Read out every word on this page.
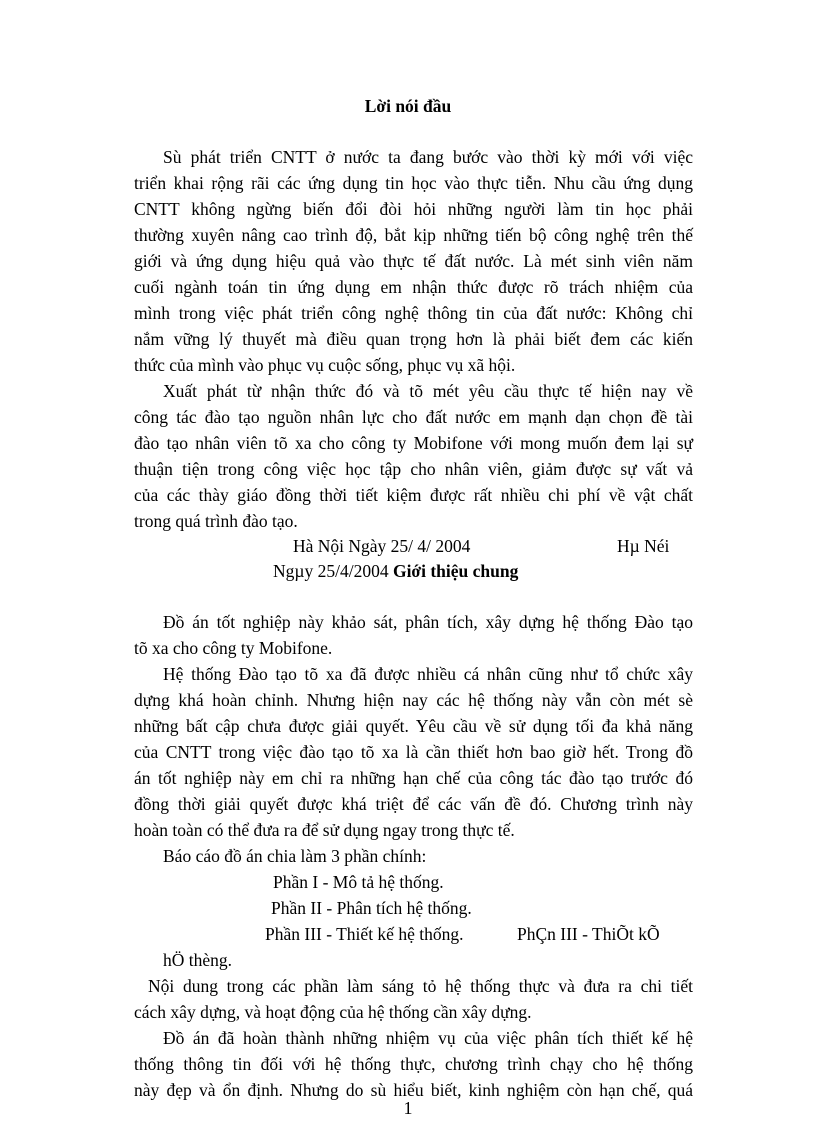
Lời nói đầu
Sù phát triển CNTT ở nước ta đang bước vào thời kỳ mới với việc
triển khai rộng rãi các ứng dụng tin học vào thực tiễn. Nhu cầu ứng dụng
CNTT không ngừng biến đổi đòi hỏi những người làm tin học phải
thường xuyên nâng cao trình độ, bắt kịp những tiến bộ công nghệ trên thế
giới và ứng dụng hiệu quả vào thực tế đất nước. Là mét sinh viên năm
cuối ngành toán tin ứng dụng em nhận thức được rõ trách nhiệm của
mình trong việc phát triển công nghệ thông tin của đất nước: Không chỉ
nắm vững lý thuyết mà điều quan trọng hơn là phải biết đem các kiến
thức của mình vào phục vụ cuộc sống, phục vụ xã hội.
Xuất phát từ nhận thức đó và tõ mét yêu cầu thực tế hiện nay về
công tác đào tạo nguồn nhân lực cho đất nước em mạnh dạn chọn đề tài
đào tạo nhân viên tõ xa cho công ty Mobifone với mong muốn đem lại sự
thuận tiện trong công việc học tập cho nhân viên, giảm được sự vất vả
của các thày giáo đồng thời tiết kiệm được rất nhiều chi phí về vật chất
trong quá trình đào tạo.
Hà Nội Ngày 25/ 4/ 2004	Hµ Néi
Ngµy 25/4/2004 Giới thiệu chung
Đồ án tốt nghiệp này khảo sát, phân tích, xây dựng hệ thống Đào tạo
tõ xa cho công ty Mobifone.
Hệ thống Đào tạo tõ xa đã được nhiều cá nhân cũng như tổ chức xây
dựng khá hoàn chỉnh. Nhưng hiện nay các hệ thống này vẫn còn mét sè
những bất cập chưa được giải quyết. Yêu cầu về sử dụng tối đa khả năng
của CNTT trong việc đào tạo tõ xa là cần thiết hơn bao giờ hết. Trong đồ
án tốt nghiệp này em chỉ ra những hạn chế của công tác đào tạo trước đó
đồng thời giải quyết được khá triệt để các vấn đề đó. Chương trình này
hoàn toàn có thể đưa ra để sử dụng ngay trong thực tế.
Báo cáo đồ án chia làm 3 phần chính:
Phần I - Mô tả hệ thống.
Phần II - Phân tích hệ thống.
Phần III - Thiết kế hệ thống.	PhÇn III - ThiÕt kÕ
hÖ thèng.
Nội dung trong các phần làm sáng tỏ hệ thống thực và đưa ra chi tiết
cách xây dựng, và hoạt động của hệ thống cần xây dựng.
Đồ án đã hoàn thành những nhiệm vụ của việc phân tích thiết kế hệ
thống thông tin đối với hệ thống thực, chương trình chạy cho hệ thống
này đẹp và ổn định. Nhưng do sù hiểu biết, kinh nghiệm còn hạn chế, quá
1
